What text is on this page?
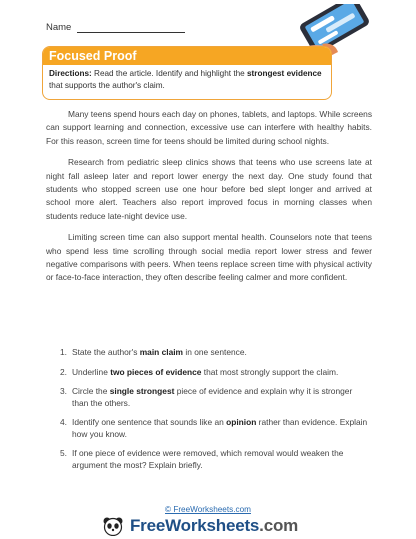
Name
Focused Proof
Directions: Read the article. Identify and highlight the strongest evidence that supports the author's claim.

Many teens spend hours each day on phones, tablets, and laptops. While screens can support learning and connection, excessive use can interfere with healthy habits. For this reason, screen time for teens should be limited during school nights.

Research from pediatric sleep clinics shows that teens who use screens late at night fall asleep later and report lower energy the next day. One study found that students who stopped screen use one hour before bed slept longer and arrived at school more alert. Teachers also report improved focus in morning classes when students reduce late-night device use.

Limiting screen time can also support mental health. Counselors note that teens who spend less time scrolling through social media report lower stress and fewer negative comparisons with peers. When teens replace screen time with physical activity or face-to-face interaction, they often describe feeling calmer and more confident.

1. State the author's main claim in one sentence.
2. Underline two pieces of evidence that most strongly support the claim.
3. Circle the single strongest piece of evidence and explain why it is stronger than the others.
4. Identify one sentence that sounds like an opinion rather than evidence. Explain how you know.
5. If one piece of evidence were removed, which removal would weaken the argument the most? Explain briefly.
© FreeWorksheets.com
FreeWorksheets.com
